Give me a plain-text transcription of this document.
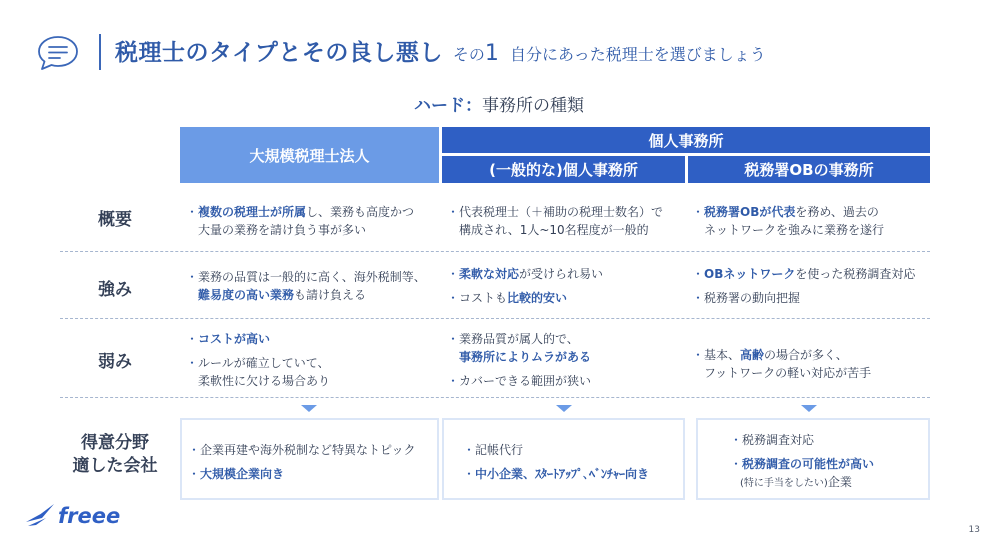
税理士のタイプとその良し悪し その1 自分にあった税理士を選びましょう
ハード：事務所の種類
大規模税理士法人
個人事務所
(一般的な)個人事務所	税務署OBの事務所
概要
強み
弱み
得意分野
適した会社
・複数の税理士が所属し、業務も高度かつ
　大量の業務を請け負う事が多い
・代表税理士（＋補助の税理士数名）で
　構成され、1人~10名程度が一般的
・税務署OBが代表を務め、過去の
　ネットワークを強みに業務を遂行
・業務の品質は一般的に高く、海外税制等、
　難易度の高い業務も請け負える
・柔軟な対応が受けられ易い
・コストも比較的安い
・OBネットワークを使った税務調査対応
・税務署の動向把握
・コストが高い
・ルールが確立していて、
　柔軟性に欠ける場合あり
・業務品質が属人的で、
　事務所によりムラがある
・カバーできる範囲が狭い
・基本、高齢の場合が多く、
　フットワークの軽い対応が苦手
・企業再建や海外税制など特異なトピック
・大規模企業向き
・記帳代行
・中小企業、ｽﾀｰﾄｱｯﾌﾟ､ﾍﾞﾝﾁｬｰ向き
・税務調査対応
・税務調査の可能性が高い
　(特に手当をしたい)企業
freee
13
